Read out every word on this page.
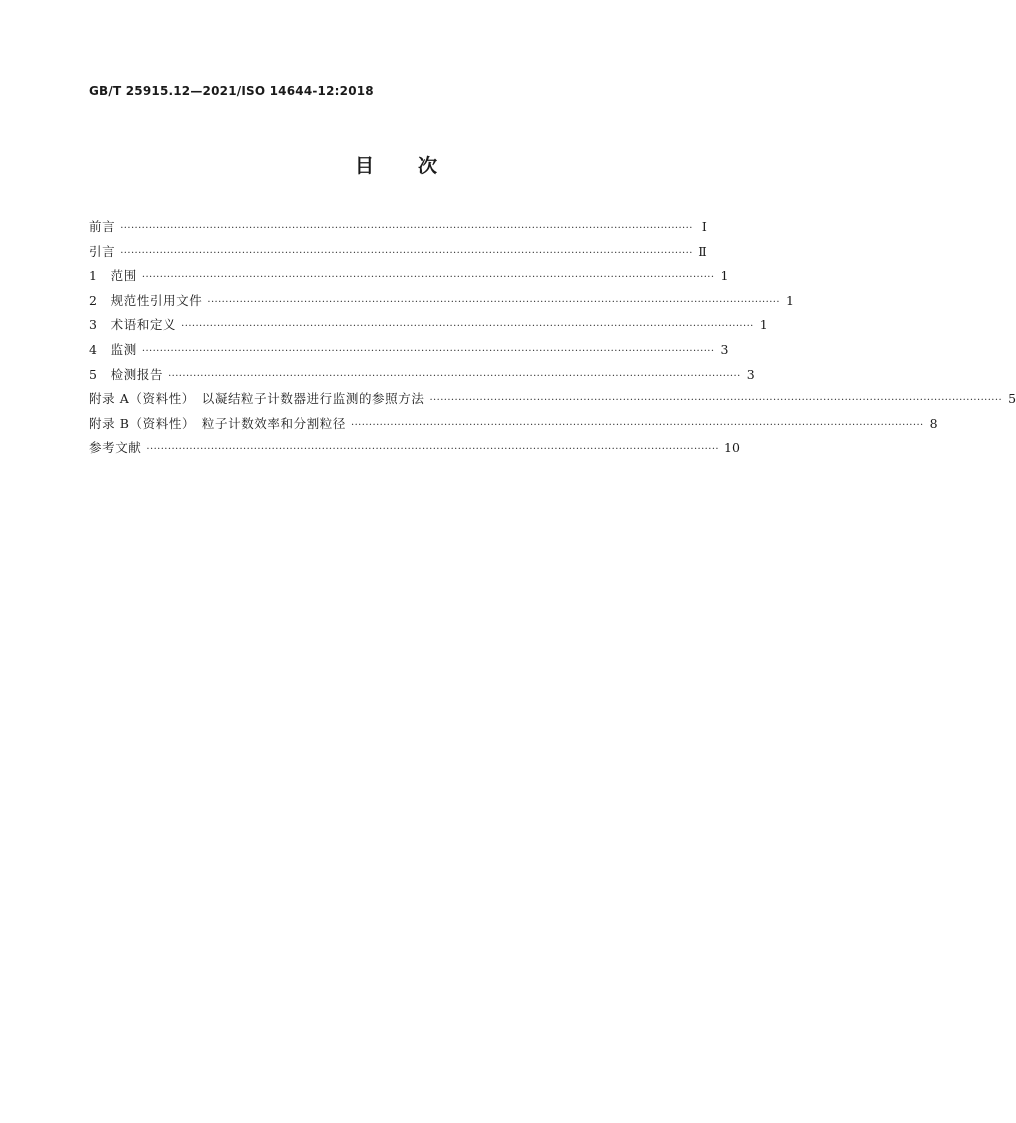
GB/T 25915.12—2021/ISO 14644-12:2018
目　　次
前言 ································································································································································ Ⅰ
引言 ································································································································································ Ⅱ
1　范围 ································································································································································ 1
2　规范性引用文件 ································································································································································ 1
3　术语和定义 ································································································································································ 1
4　监测 ································································································································································ 3
5　检测报告 ································································································································································ 3
附录 A（资料性）　以凝结粒子计数器进行监测的参照方法 ································································································································································ 5
附录 B（资料性）　粒子计数效率和分割粒径 ································································································································································ 8
参考文献 ································································································································································ 10
